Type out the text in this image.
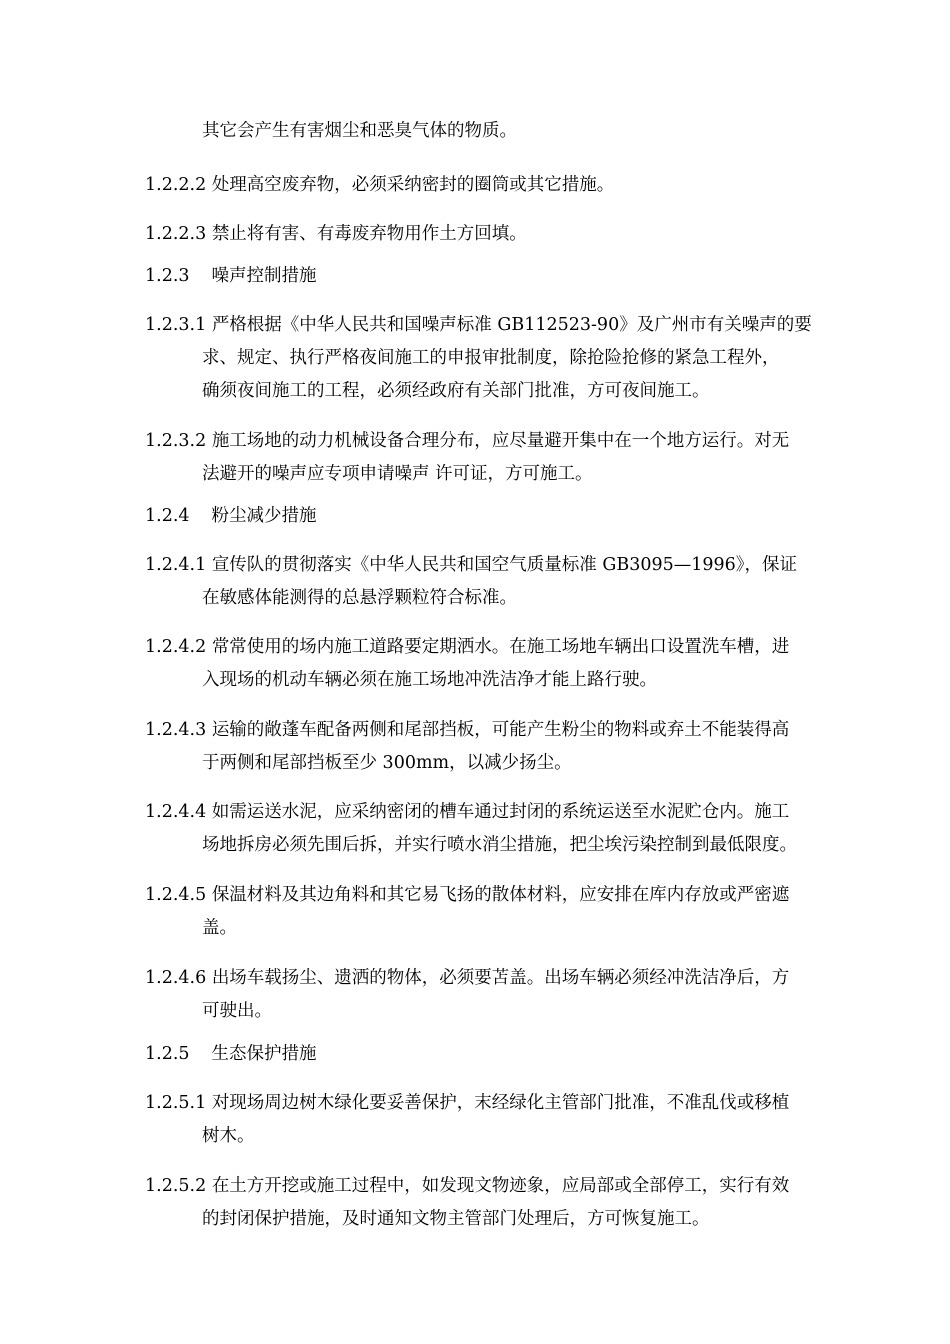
其它会产生有害烟尘和恶臭气体的物质。
1.2.2.2 处理高空废弃物，必须采纳密封的圈筒或其它措施。
1.2.2.3 禁止将有害、有毒废弃物用作土方回填。
1.2.3 噪声控制措施
1.2.3.1 严格根据《中华人民共和国噪声标准 GB112523-90》及广州市有关噪声的要
求、规定、执行严格夜间施工的申报审批制度，除抢险抢修的紧急工程外，
确须夜间施工的工程，必须经政府有关部门批准，方可夜间施工。
1.2.3.2 施工场地的动力机械设备合理分布，应尽量避开集中在一个地方运行。对无
法避开的噪声应专项申请噪声 许可证，方可施工。
1.2.4 粉尘减少措施
1.2.4.1 宣传队的贯彻落实《中华人民共和国空气质量标准 GB3095—1996》，保证
在敏感体能测得的总悬浮颗粒符合标准。
1.2.4.2 常常使用的场内施工道路要定期洒水。在施工场地车辆出口设置洗车槽，进
入现场的机动车辆必须在施工场地冲洗洁净才能上路行驶。
1.2.4.3 运输的敞蓬车配备两侧和尾部挡板，可能产生粉尘的物料或弃土不能装得高
于两侧和尾部挡板至少 300mm，以减少扬尘。
1.2.4.4 如需运送水泥，应采纳密闭的槽车通过封闭的系统运送至水泥贮仓内。施工
场地拆房必须先围后拆，并实行喷水消尘措施，把尘埃污染控制到最低限度。
1.2.4.5 保温材料及其边角料和其它易飞扬的散体材料，应安排在库内存放或严密遮
盖。
1.2.4.6 出场车载扬尘、遗洒的物体，必须要苫盖。出场车辆必须经冲洗洁净后，方
可驶出。
1.2.5 生态保护措施
1.2.5.1 对现场周边树木绿化要妥善保护，末经绿化主管部门批准，不准乱伐或移植
树木。
1.2.5.2 在土方开挖或施工过程中，如发现文物迹象，应局部或全部停工，实行有效
的封闭保护措施，及时通知文物主管部门处理后，方可恢复施工。
